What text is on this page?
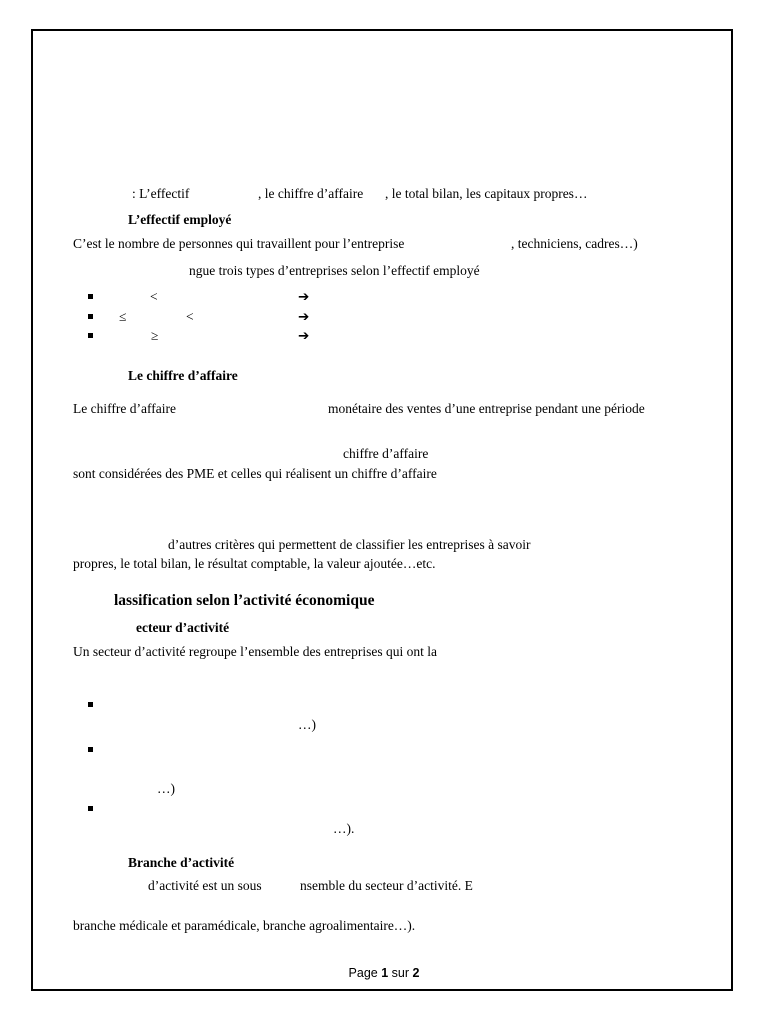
: L’effectif	, le chiffre d’affaire , le total bilan, les capitaux propres…
L’effectif employé
C’est le nombre de personnes qui travaillent pour l’entreprise	, techniciens, cadres…)
ngue trois types d’entreprises selon l’effectif employé
<	➔
≤	<	➔
≥	➔
Le chiffre d’affaire
Le chiffre d’affaire	monétaire des ventes d’une entreprise pendant une période
chiffre d’affaire
sont considérées des PME et celles qui réalisent un chiffre d’affaire
d’autres critères qui permettent de classifier les entreprises à savoir
propres, le total bilan, le résultat comptable, la valeur ajoutée…etc.
lassification selon l’activité économique
ecteur d’activité
Un secteur d’activité regroupe l’ensemble des entreprises qui ont la
…)
…)
…).
Branche d’activité
d’activité est un sous	nsemble du secteur d’activité. E
branche médicale et paramédicale, branche agroalimentaire…).
Page 1 sur 2
